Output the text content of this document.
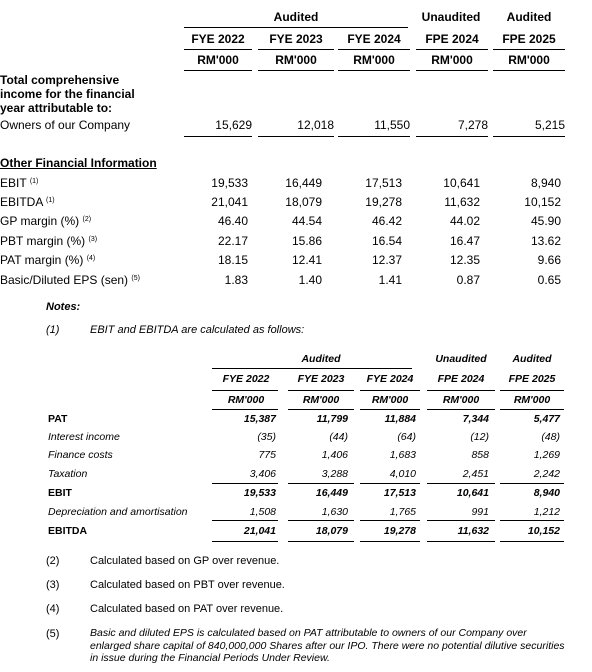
Audited	Unaudited	Audited
FYE 2022	FYE 2023	FYE 2024	FPE 2024	FPE 2025
RM'000	RM'000	RM'000	RM'000	RM'000
Total comprehensive income for the financial year attributable to:
Owners of our Company	15,629	12,018	11,550	7,278	5,215
Other Financial Information
EBIT $^{(1)}$	19,533	16,449	17,513	10,641	8,940
EBITDA $^{(1)}$	21,041	18,079	19,278	11,632	10,152
GP margin (%) $^{(2)}$	46.40	44.54	46.42	44.02	45.90
PBT margin (%) $^{(3)}$	22.17	15.86	16.54	16.47	13.62
PAT margin (%) $^{(4)}$	18.15	12.41	12.37	12.35	9.66
Basic/Diluted EPS (sen) $^{(5)}$	1.83	1.40	1.41	0.87	0.65
Notes:
(1)	EBIT and EBITDA are calculated as follows:
Audited	Unaudited	Audited
FYE 2022	FYE 2023	FYE 2024	FPE 2024	FPE 2025
RM'000	RM'000	RM'000	RM'000	RM'000
PAT	15,387	11,799	11,884	7,344	5,477
Interest income	(35)	(44)	(64)	(12)	(48)
Finance costs	775	1,406	1,683	858	1,269
Taxation	3,406	3,288	4,010	2,451	2,242
EBIT	19,533	16,449	17,513	10,641	8,940
Depreciation and amortisation	1,508	1,630	1,765	991	1,212
EBITDA	21,041	18,079	19,278	11,632	10,152
(2)	Calculated based on GP over revenue.
(3)	Calculated based on PBT over revenue.
(4)	Calculated based on PAT over revenue.
(5)	Basic and diluted EPS is calculated based on PAT attributable to owners of our Company over enlarged share capital of 840,000,000 Shares after our IPO. There were no potential dilutive securities in issue during the Financial Periods Under Review.
